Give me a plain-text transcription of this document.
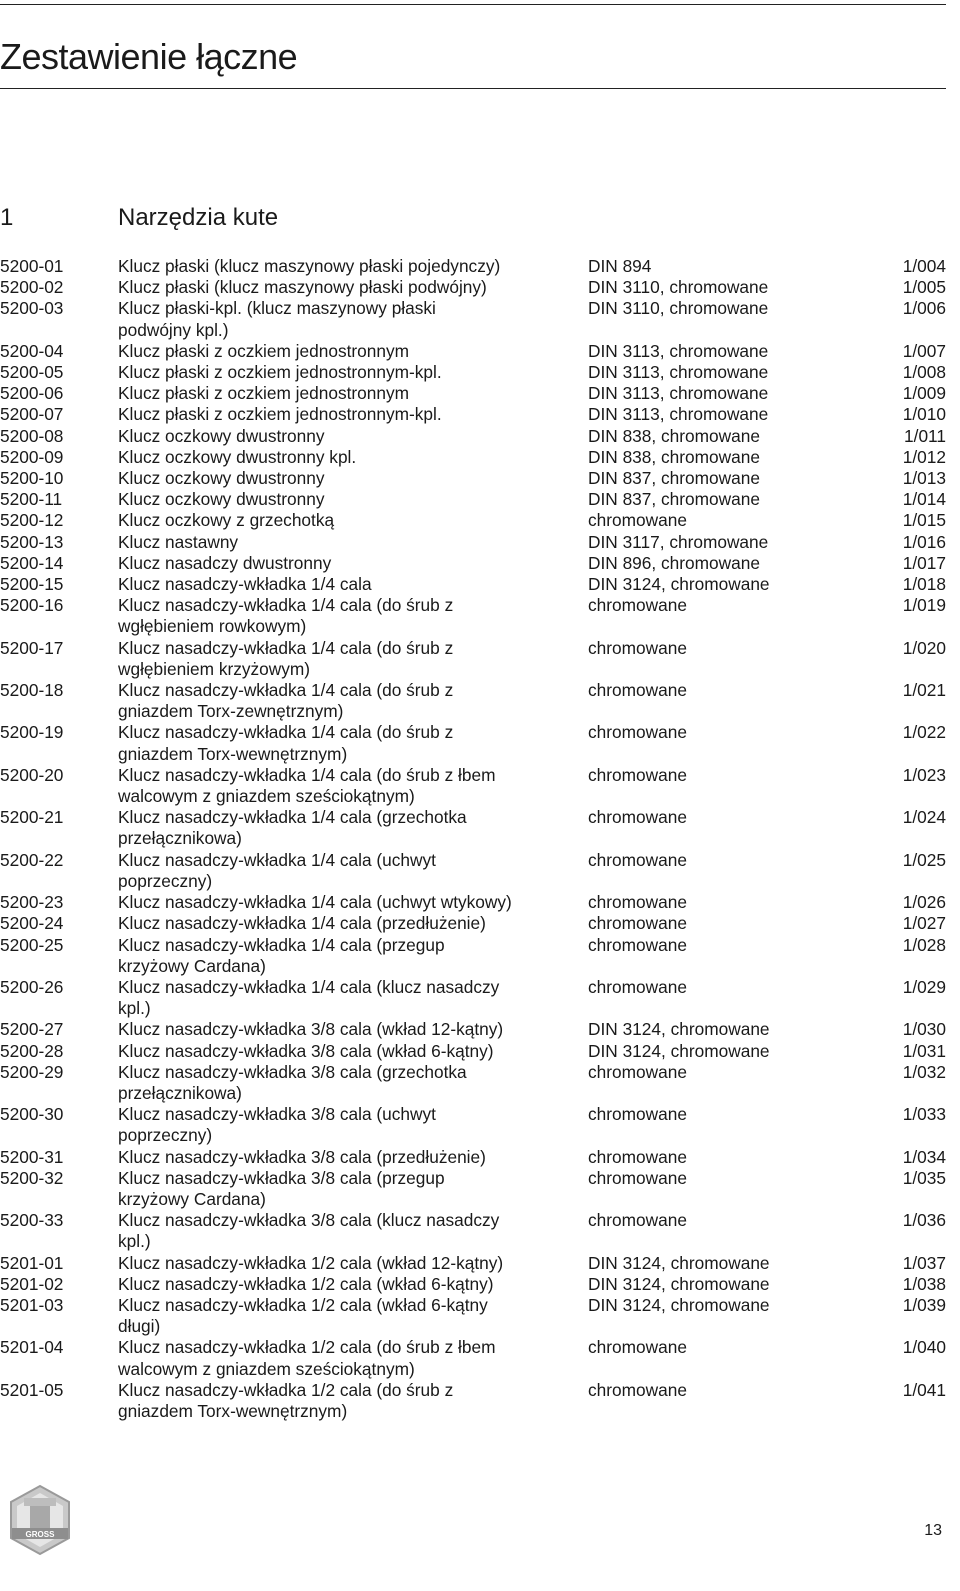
Zestawienie łączne
1	Narzędzia kute
5200-01	Klucz płaski (klucz maszynowy płaski pojedynczy)	DIN 894	1/004
5200-02	Klucz płaski (klucz maszynowy płaski podwójny)	DIN 3110, chromowane	1/005
5200-03	Klucz płaski-kpl. (klucz maszynowy płaski	DIN 3110, chromowane	1/006
podwójny kpl.)
5200-04	Klucz płaski z oczkiem jednostronnym	DIN 3113, chromowane	1/007
5200-05	Klucz płaski z oczkiem jednostronnym-kpl.	DIN 3113, chromowane	1/008
5200-06	Klucz płaski z oczkiem jednostronnym	DIN 3113, chromowane	1/009
5200-07	Klucz płaski z oczkiem jednostronnym-kpl.	DIN 3113, chromowane	1/010
5200-08	Klucz oczkowy dwustronny	DIN 838, chromowane	1/011
5200-09	Klucz oczkowy dwustronny kpl.	DIN 838, chromowane	1/012
5200-10	Klucz oczkowy dwustronny	DIN 837, chromowane	1/013
5200-11	Klucz oczkowy dwustronny	DIN 837, chromowane	1/014
5200-12	Klucz oczkowy z grzechotką	chromowane	1/015
5200-13	Klucz nastawny	DIN 3117, chromowane	1/016
5200-14	Klucz nasadczy dwustronny	DIN 896, chromowane	1/017
5200-15	Klucz nasadczy-wkładka 1/4 cala	DIN 3124, chromowane	1/018
5200-16	Klucz nasadczy-wkładka 1/4 cala (do śrub z	chromowane	1/019
wgłębieniem rowkowym)
5200-17	Klucz nasadczy-wkładka 1/4 cala (do śrub z	chromowane	1/020
wgłębieniem krzyżowym)
5200-18	Klucz nasadczy-wkładka 1/4 cala (do śrub z	chromowane	1/021
gniazdem Torx-zewnętrznym)
5200-19	Klucz nasadczy-wkładka 1/4 cala (do śrub z	chromowane	1/022
gniazdem Torx-wewnętrznym)
5200-20	Klucz nasadczy-wkładka 1/4 cala (do śrub z łbem	chromowane	1/023
walcowym z gniazdem sześciokątnym)
5200-21	Klucz nasadczy-wkładka 1/4 cala (grzechotka	chromowane	1/024
przełącznikowa)
5200-22	Klucz nasadczy-wkładka 1/4 cala (uchwyt	chromowane	1/025
poprzeczny)
5200-23	Klucz nasadczy-wkładka 1/4 cala (uchwyt wtykowy)	chromowane	1/026
5200-24	Klucz nasadczy-wkładka 1/4 cala (przedłużenie)	chromowane	1/027
5200-25	Klucz nasadczy-wkładka 1/4 cala (przegup	chromowane	1/028
krzyżowy Cardana)
5200-26	Klucz nasadczy-wkładka 1/4 cala (klucz nasadczy	chromowane	1/029
kpl.)
5200-27	Klucz nasadczy-wkładka 3/8 cala (wkład 12-kątny)	DIN 3124, chromowane	1/030
5200-28	Klucz nasadczy-wkładka 3/8 cala (wkład 6-kątny)	DIN 3124, chromowane	1/031
5200-29	Klucz nasadczy-wkładka 3/8 cala (grzechotka	chromowane	1/032
przełącznikowa)
5200-30	Klucz nasadczy-wkładka 3/8 cala (uchwyt	chromowane	1/033
poprzeczny)
5200-31	Klucz nasadczy-wkładka 3/8 cala (przedłużenie)	chromowane	1/034
5200-32	Klucz nasadczy-wkładka 3/8 cala (przegup	chromowane	1/035
krzyżowy Cardana)
5200-33	Klucz nasadczy-wkładka 3/8 cala (klucz nasadczy	chromowane	1/036
kpl.)
5201-01	Klucz nasadczy-wkładka 1/2 cala (wkład 12-kątny)	DIN 3124, chromowane	1/037
5201-02	Klucz nasadczy-wkładka 1/2 cala (wkład 6-kątny)	DIN 3124, chromowane	1/038
5201-03	Klucz nasadczy-wkładka 1/2 cala (wkład 6-kątny	DIN 3124, chromowane	1/039
długi)
5201-04	Klucz nasadczy-wkładka 1/2 cala (do śrub z łbem	chromowane	1/040
walcowym z gniazdem sześciokątnym)
5201-05	Klucz nasadczy-wkładka 1/2 cala (do śrub z	chromowane	1/041
gniazdem Torx-wewnętrznym)
GROSS	13
